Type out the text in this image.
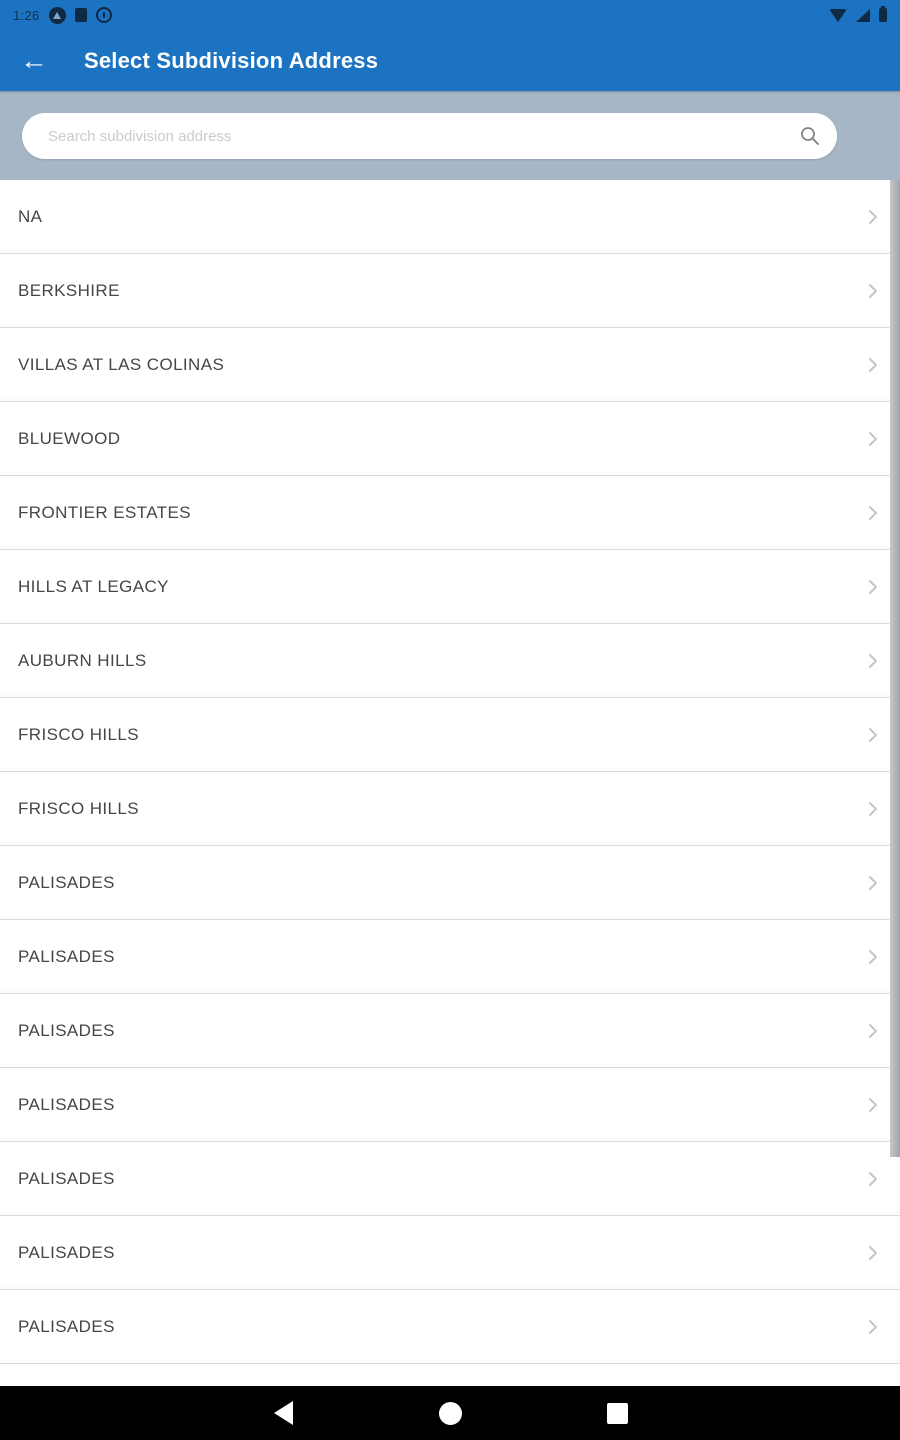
1:26
← Select Subdivision Address
Search subdivision address
NA
BERKSHIRE
VILLAS AT LAS COLINAS
BLUEWOOD
FRONTIER ESTATES
HILLS AT LEGACY
AUBURN HILLS
FRISCO HILLS
FRISCO HILLS
PALISADES
PALISADES
PALISADES
PALISADES
PALISADES
PALISADES
PALISADES
